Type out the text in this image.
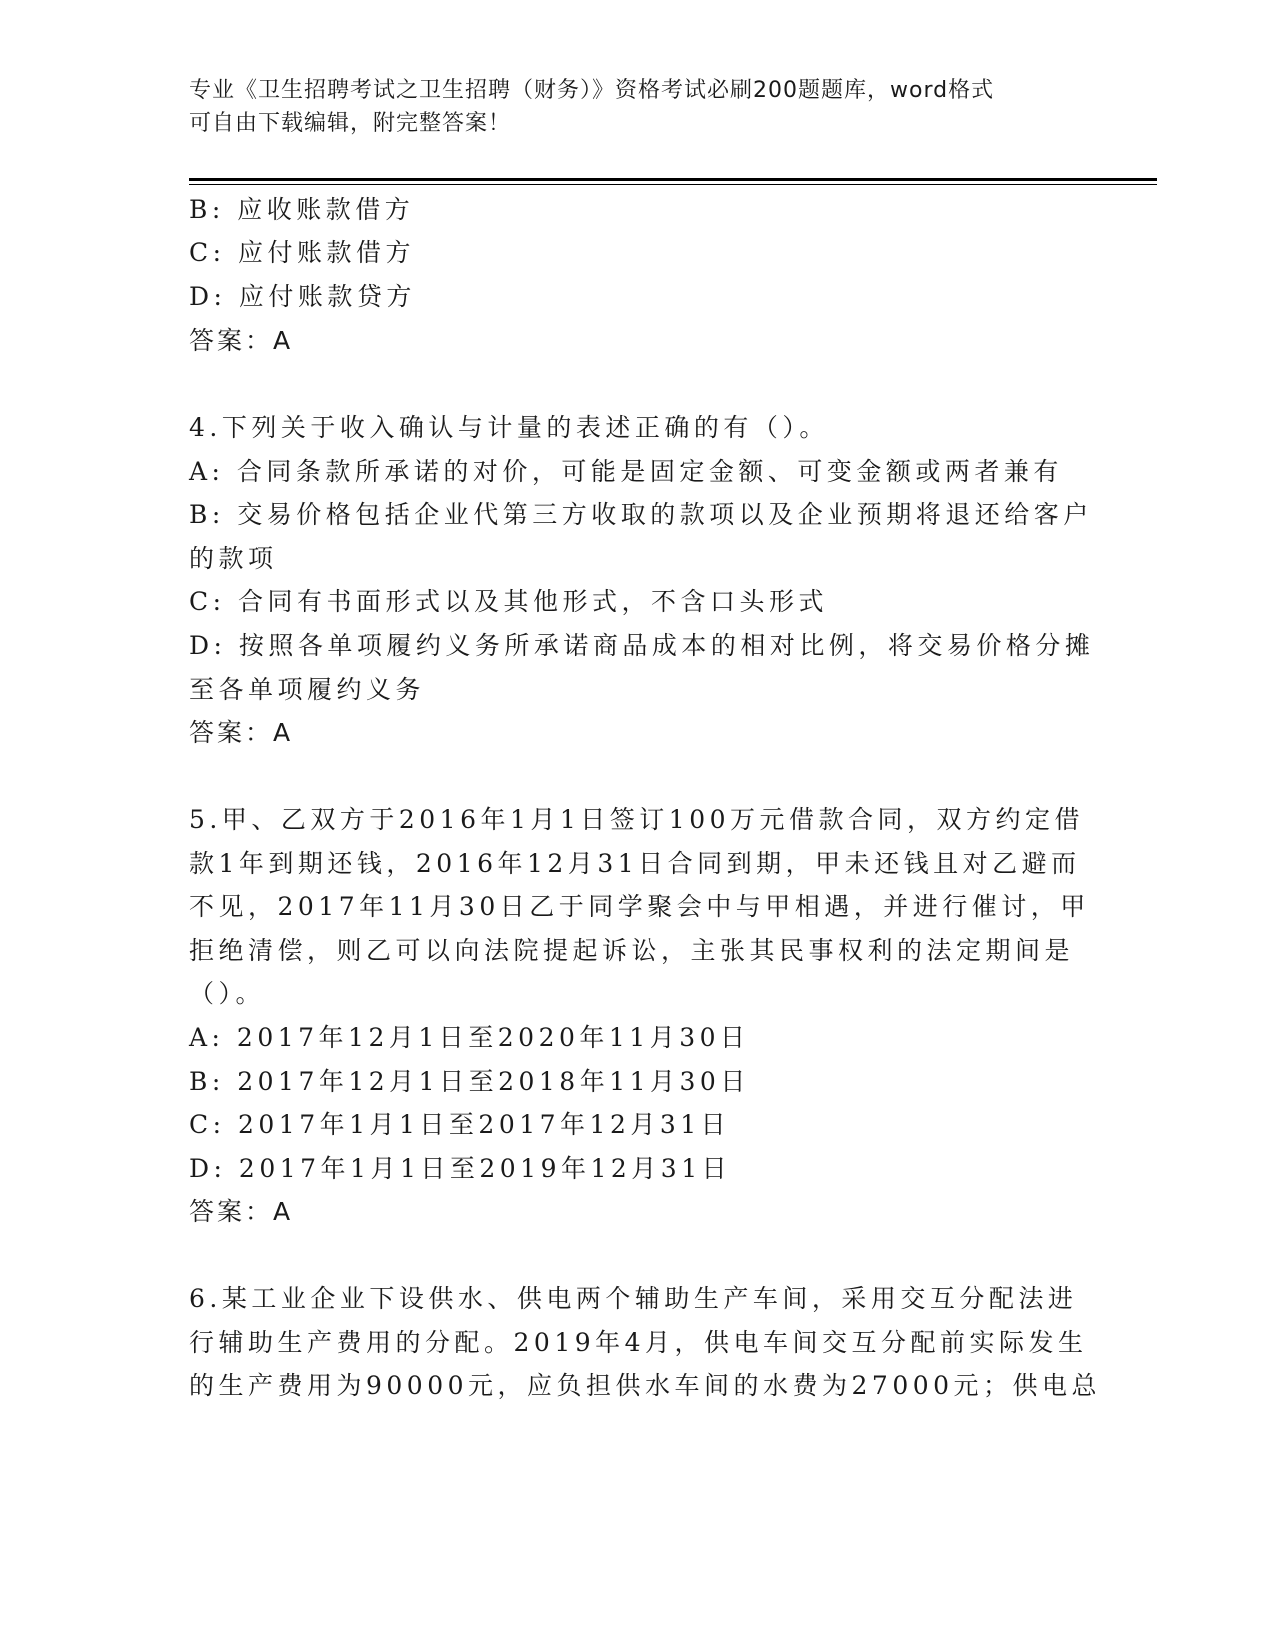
专业《卫生招聘考试之卫生招聘（财务）》资格考试必刷200题题库，word格式
可自由下载编辑，附完整答案！
B: 应收账款借方
C: 应付账款借方
D: 应付账款贷方
答案：A
4.下列关于收入确认与计量的表述正确的有（）。
A: 合同条款所承诺的对价，可能是固定金额、可变金额或两者兼有
B: 交易价格包括企业代第三方收取的款项以及企业预期将退还给客户
的款项
C: 合同有书面形式以及其他形式，不含口头形式
D: 按照各单项履约义务所承诺商品成本的相对比例，将交易价格分摊
至各单项履约义务
答案：A
5.甲、乙双方于2016年1月1日签订100万元借款合同，双方约定借
款1年到期还钱，2016年12月31日合同到期，甲未还钱且对乙避而
不见，2017年11月30日乙于同学聚会中与甲相遇，并进行催讨，甲
拒绝清偿，则乙可以向法院提起诉讼，主张其民事权利的法定期间是
（）。
A: 2017年12月1日至2020年11月30日
B: 2017年12月1日至2018年11月30日
C: 2017年1月1日至2017年12月31日
D: 2017年1月1日至2019年12月31日
答案：A
6.某工业企业下设供水、供电两个辅助生产车间，采用交互分配法进
行辅助生产费用的分配。2019年4月，供电车间交互分配前实际发生
的生产费用为90000元，应负担供水车间的水费为27000元；供电总
